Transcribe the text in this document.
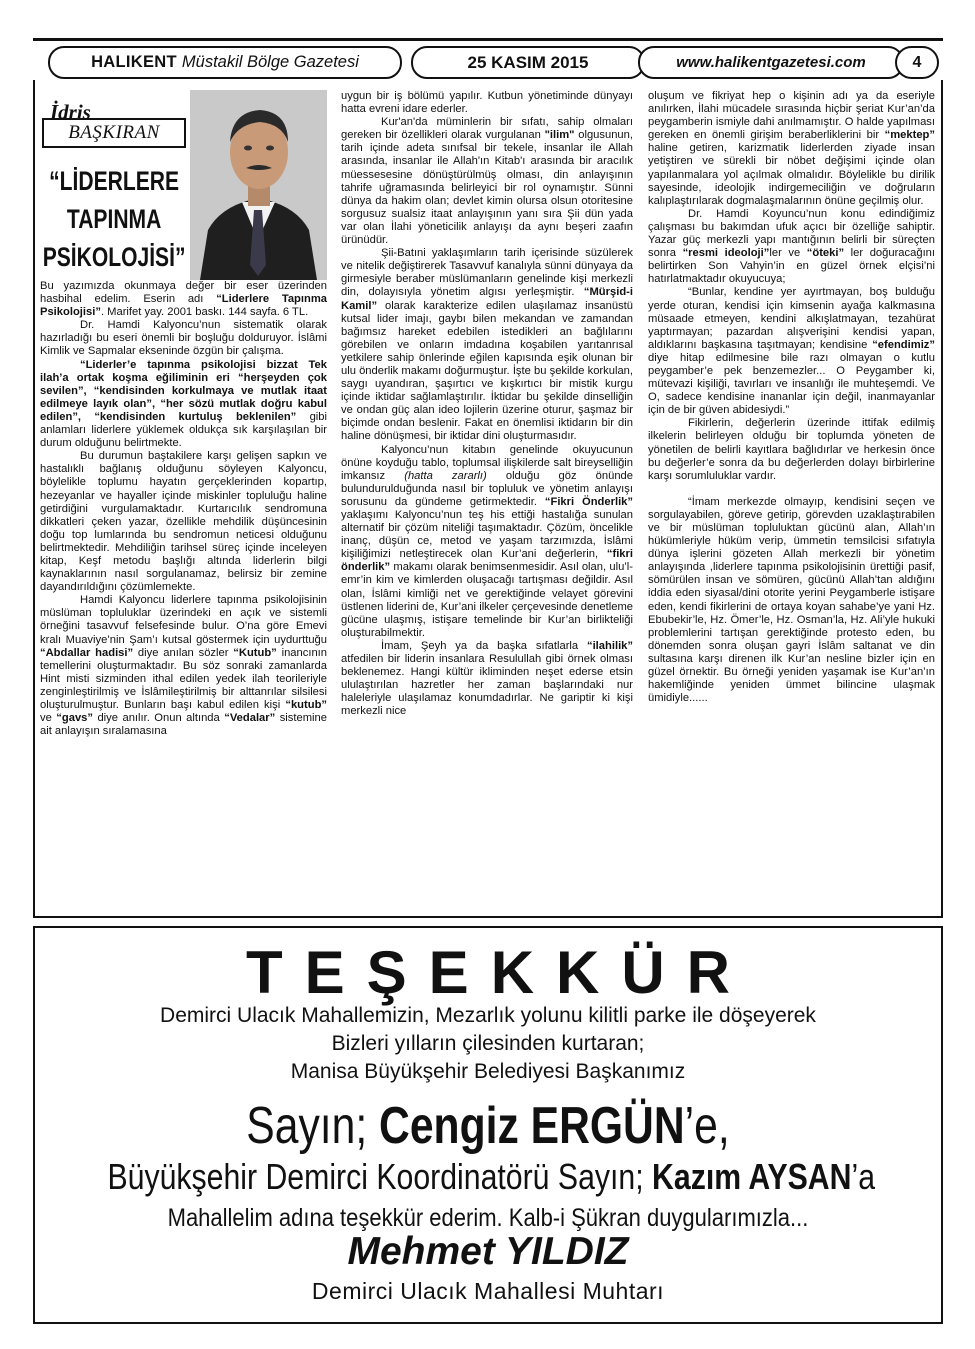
HALIKENT Müstakil Bölge Gazetesi	25 KASIM 2015	www.halikentgazetesi.com	4
İdris
BAŞKIRAN
“LİDERLERE
TAPINMA
PSİKOLOJİSİ”

Bu yazımızda okunmaya değer bir eser üzerinden hasbihal edelim. Eserin adı “Liderlere Tapınma Psikolojisi”. Marifet yay. 2001 baskı. 144 sayfa. 6 TL.

Dr. Hamdi Kalyoncu’nun sistematik olarak hazırladığı bu eseri önemli bir boşluğu dolduruyor. İslâmi Kimlik ve Sapmalar ekseninde özgün bir çalışma.

“Liderler’e tapınma psikolojisi bizzat Tek ilah’a ortak koşma eğiliminin eri “herşeyden çok sevilen”, “kendisinden korkulmaya ve mutlak itaat edilmeye layık olan”, “her sözü mutlak doğru kabul edilen”, “kendisinden kurtuluş beklenilen” gibi anlamları liderlere yüklemek oldukça sık karşılaşılan bir durum olduğunu belirtmekte.

Bu durumun baştakilere karşı gelişen sapkın ve hastalıklı bağlanış olduğunu söyleyen Kalyoncu, böylelikle toplumu hayatın gerçeklerinden kopartıp, hezeyanlar ve hayaller içinde miskinler topluluğu haline getirdiğini vurgulamaktadır. Kurtarıcılık sendromuna dikkatleri çeken yazar, özellikle mehdilik düşüncesinin doğu top lumlarında bu sendromun neticesi olduğunu belirtmektedir. Mehdiliğin tarihsel süreç içinde inceleyen kitap, Keşf metodu başlığı altında liderlerin bilgi kaynaklarının nasıl sorgulanamaz, belirsiz bir zemine dayandırıldığını çözümlemekte.

Hamdi Kalyoncu liderlere tapınma psikolojisinin müslüman topluluklar üzerindeki en açık ve sistemli örneğini tasavvuf felsefesinde bulur. O’na göre Emevi kralı Muaviye’nin Şam’ı kutsal göstermek için uydurttuğu “Abdallar hadisi” diye anılan sözler “Kutub” inancının temellerini oluşturmaktadır. Bu söz sonraki zamanlarda Hint misti sizminden ithal edilen yedek ilah teorileriyle zenginleştirilmiş ve İslâmileştirilmiş bir alttanrılar silsilesi oluşturulmuştur. Bunların başı kabul edilen kişi “kutub” ve “gavs” diye anılır. Onun altında “Vedalar” sistemine ait anlayışın sıralamasına

uygun bir iş bölümü yapılır. Kutbun yönetiminde dünyayı hatta evreni idare ederler.

Kur'an'da müminlerin bir sıfatı, sahip olmaları gereken bir özellikleri olarak vurgulanan "ilim" olgusunun, tarih içinde adeta sınıfsal bir tekele, insanlar ile Allah arasında, insanlar ile Allah'ın Kitab'ı arasında bir aracılık müessesesine dönüştürülmüş olması, din anlayışının tahrife uğramasında belirleyici bir rol oynamıştır. Sünni dünya da hakim olan; devlet kimin olursa olsun otoritesine sorgusuz sualsiz itaat anlayışının yanı sıra Şii dün yada var olan İlahi yöneticilik anlayışı da aynı beşeri zaafın ürünüdür.

Şii-Batıni yaklaşımların tarih içerisinde süzülerek ve nitelik değiştirerek Tasavvuf kanalıyla sünni dünyaya da girmesiyle beraber müslümanların genelinde kişi merkezli din, dolayısıyla yönetim algısı yerleşmiştir. “Mürşid-i Kamil” olarak karakterize edilen ulaşılamaz insanüstü kutsal lider imajı, gaybı bilen mekandan ve zamandan bağımsız hareket edebilen istedikleri an bağlılarını görebilen ve onların imdadına koşabilen yarıtanrısal yetkilere sahip önlerinde eğilen kapısında eşik olunan bir ulu önderlik makamı doğurmuştur. İşte bu şekilde korkulan, saygı uyandıran, şaşırtıcı ve kışkırtıcı bir mistik kurgu içinde iktidar sağlamlaştırılır. İktidar bu şekilde dinselliğin ve ondan güç alan ideo lojilerin üzerine oturur, şaşmaz bir biçimde ondan beslenir. Fakat en önemlisi iktidarın bir din haline dönüşmesi, bir iktidar dini oluşturmasıdır.

Kalyoncu’nun kitabın genelinde okuyucunun önüne koyduğu tablo, toplumsal ilişkilerde salt bireyselliğin imkansız (hatta zararlı) olduğu göz önünde bulundurulduğunda nasıl bir topluluk ve yönetim anlayışı sorusunu da gündeme getirmektedir. “Fikri Önderlik” yaklaşımı Kalyoncu’nun teş his ettiği hastalığa sunulan alternatif bir çözüm niteliği taşımaktadır. Çözüm, öncelikle inanç, düşün ce, metod ve yaşam tarzımızda, İslâmi kişiliğimizi netleştirecek olan Kur’ani değerlerin, “fikri önderlik” makamı olarak benimsenmesidir. Asıl olan, ulu’l-emr’in kim ve kimlerden oluşacağı tartışması değildir. Asıl olan, İslâmi kimliği net ve gerektiğinde velayet görevini üstlenen liderini de, Kur’ani ilkeler çerçevesinde denetleme gücüne ulaşmış, istişare temelinde bir Kur’an birlikteliği oluşturabilmektir.

İmam, Şeyh ya da başka sıfatlarla “ilahilik” atfedilen bir liderin insanlara Resulullah gibi örnek olması beklenemez. Hangi kültür ikliminden neşet ederse etsin ululaştırılan hazretler her zaman başlarındaki nur haleleriyle ulaşılamaz konumdadırlar. Ne gariptir ki kişi merkezli nice

oluşum ve fikriyat hep o kişinin adı ya da eseriyle anılırken, İlahi mücadele sırasında hiçbir şeriat Kur’an’da peygamberin ismiyle dahi anılmamıştır. O halde yapılması gereken en önemli girişim beraberliklerini bir “mektep” haline getiren, karizmatik liderlerden ziyade insan yetiştiren ve sürekli bir nöbet değişimi içinde olan yapılanmalara yol açılmak olmalıdır. Böylelikle bu dirilik sayesinde, ideolojik indirgemeciliğin ve doğruların kalıplaştırılarak dogmalaşmalarının önüne geçilmiş olur.

Dr. Hamdi Koyuncu’nun konu edindiğimiz çalışması bu bakımdan ufuk açıcı bir özelliğe sahiptir. Yazar güç merkezli yapı mantığının belirli bir süreçten sonra “resmi ideoloji”ler ve “öteki” ler doğuracağını belirtirken Son Vahyin’in en güzel örnek elçisi’ni hatırlatmaktadır okuyucuya;

“Bunlar, kendine yer ayırtmayan, boş bulduğu yerde oturan, kendisi için kimsenin ayağa kalkmasına müsaade etmeyen, kendini alkışlatmayan, tezahürat yaptırmayan; pazardan alışverişini kendisi yapan, aldıklarını başkasına taşıtmayan; kendisine “efendimiz” diye hitap edilmesine bile razı olmayan o kutlu peygamber’e pek benzemezler... O Peygamber ki, mütevazi kişiliği, tavırları ve insanlığı ile muhteşemdi. Ve O, sadece kendisine inananlar için değil, inanmayanlar için de bir güven abidesiydi.”

Fikirlerin, değerlerin üzerinde ittifak edilmiş ilkelerin belirleyen olduğu bir toplumda yöneten de yönetilen de belirli kayıtlara bağlıdırlar ve herkesin önce bu değerler’e sonra da bu değerlerden dolayı birbirlerine karşı sorumluluklar vardır.

“İmam merkezde olmayıp, kendisini seçen ve sorgulayabilen, göreve getirip, görevden uzaklaştırabilen ve bir müslüman topluluktan gücünü alan, Allah’ın hükümleriyle hüküm verip, ümmetin temsilcisi sıfatıyla dünya işlerini gözeten Allah merkezli bir yönetim anlayışında ,liderlere tapınma psikolojisinin ürettiği pasif, sömürülen insan ve sömüren, gücünü Allah’tan aldığını iddia eden siyasal/dini otorite yerini Peygamberle istişare eden, kendi fikirlerini de ortaya koyan sahabe’ye yani Hz. Ebubekir’le, Hz. Ömer’le, Hz. Osman’la, Hz. Ali’yle hukuki problemlerini tartışan gerektiğinde protesto eden, bu dönemden sonra oluşan gayri İslâm saltanat ve din sultasına karşı direnen ilk Kur’an nesline bizler için en güzel örnektir. Bu örneği yeniden yaşamak ise Kur’an’ın hakemliğinde yeniden ümmet bilincine ulaşmak ümidiyle......

TEŞEKKÜR
Demirci Ulacık Mahallemizin, Mezarlık yolunu kilitli parke ile döşeyerek
Bizleri yılların çilesinden kurtaran;
Manisa Büyükşehir Belediyesi Başkanımız
Sayın; Cengiz ERGÜN’e,
Büyükşehir Demirci Koordinatörü Sayın; Kazım AYSAN’a
Mahallelim adına teşekkür ederim. Kalb-i Şükran duygularımızla...
Mehmet YILDIZ
Demirci Ulacık Mahallesi Muhtarı
